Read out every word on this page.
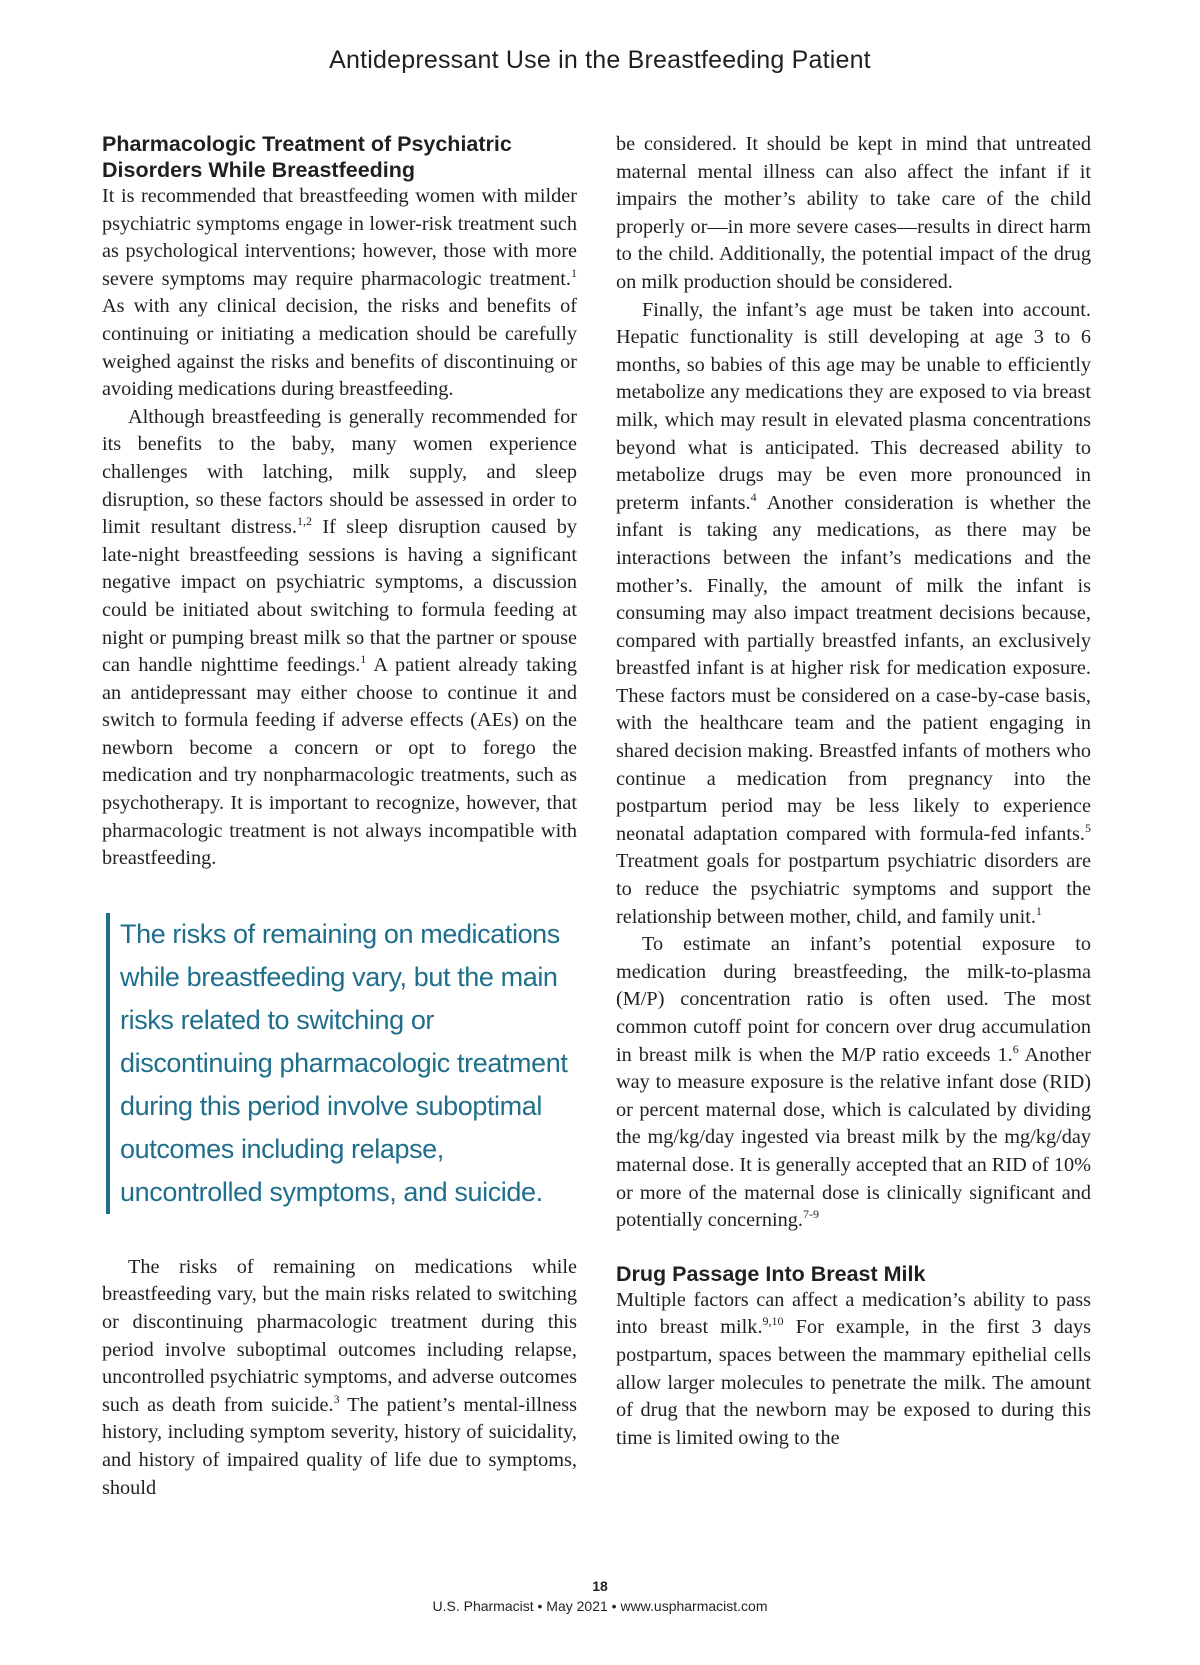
Antidepressant Use in the Breastfeeding Patient
Pharmacologic Treatment of Psychiatric Disorders While Breastfeeding

It is recommended that breastfeeding women with milder psychiatric symptoms engage in lower-risk treatment such as psychological interventions; however, those with more severe symptoms may require pharmacologic treatment.$^1$ As with any clinical decision, the risks and benefits of continuing or initiating a medication should be carefully weighed against the risks and benefits of discontinuing or avoiding medications during breastfeeding.

Although breastfeeding is generally recommended for its benefits to the baby, many women experience challenges with latching, milk supply, and sleep disruption, so these factors should be assessed in order to limit resultant distress.$^{1,2}$ If sleep disruption caused by late-night breastfeeding sessions is having a significant negative impact on psychiatric symptoms, a discussion could be initiated about switching to formula feeding at night or pumping breast milk so that the partner or spouse can handle nighttime feedings.$^1$ A patient already taking an antidepressant may either choose to continue it and switch to formula feeding if adverse effects (AEs) on the newborn become a concern or opt to forego the medication and try nonpharmacologic treatments, such as psychotherapy. It is important to recognize, however, that pharmacologic treatment is not always incompatible with breastfeeding.

The risks of remaining on medications while breastfeeding vary, but the main risks related to switching or discontinuing pharmacologic treatment during this period involve suboptimal outcomes including relapse, uncontrolled symptoms, and suicide.

The risks of remaining on medications while breastfeeding vary, but the main risks related to switching or discontinuing pharmacologic treatment during this period involve suboptimal outcomes including relapse, uncontrolled psychiatric symptoms, and adverse outcomes such as death from suicide.$^3$ The patient’s mental-illness history, including symptom severity, history of suicidality, and history of impaired quality of life due to symptoms, should

be considered. It should be kept in mind that untreated maternal mental illness can also affect the infant if it impairs the mother’s ability to take care of the child properly or—in more severe cases—results in direct harm to the child. Additionally, the potential impact of the drug on milk production should be considered.

Finally, the infant’s age must be taken into account. Hepatic functionality is still developing at age 3 to 6 months, so babies of this age may be unable to efficiently metabolize any medications they are exposed to via breast milk, which may result in elevated plasma concentrations beyond what is anticipated. This decreased ability to metabolize drugs may be even more pronounced in preterm infants.$^4$ Another consideration is whether the infant is taking any medications, as there may be interactions between the infant’s medications and the mother’s. Finally, the amount of milk the infant is consuming may also impact treatment decisions because, compared with partially breastfed infants, an exclusively breastfed infant is at higher risk for medication exposure. These factors must be considered on a case-by-case basis, with the healthcare team and the patient engaging in shared decision making. Breastfed infants of mothers who continue a medication from pregnancy into the postpartum period may be less likely to experience neonatal adaptation compared with formula-fed infants.$^5$ Treatment goals for postpartum psychiatric disorders are to reduce the psychiatric symptoms and support the relationship between mother, child, and family unit.$^1$

To estimate an infant’s potential exposure to medication during breastfeeding, the milk-to-plasma (M/P) concentration ratio is often used. The most common cutoff point for concern over drug accumulation in breast milk is when the M/P ratio exceeds 1.$^6$ Another way to measure exposure is the relative infant dose (RID) or percent maternal dose, which is calculated by dividing the mg/kg/day ingested via breast milk by the mg/kg/day maternal dose. It is generally accepted that an RID of 10% or more of the maternal dose is clinically significant and potentially concerning.$^{7-9}$

Drug Passage Into Breast Milk

Multiple factors can affect a medication’s ability to pass into breast milk.$^{9,10}$ For example, in the first 3 days postpartum, spaces between the mammary epithelial cells allow larger molecules to penetrate the milk. The amount of drug that the newborn may be exposed to during this time is limited owing to the

18
U.S. Pharmacist • May 2021 • www.uspharmacist.com
